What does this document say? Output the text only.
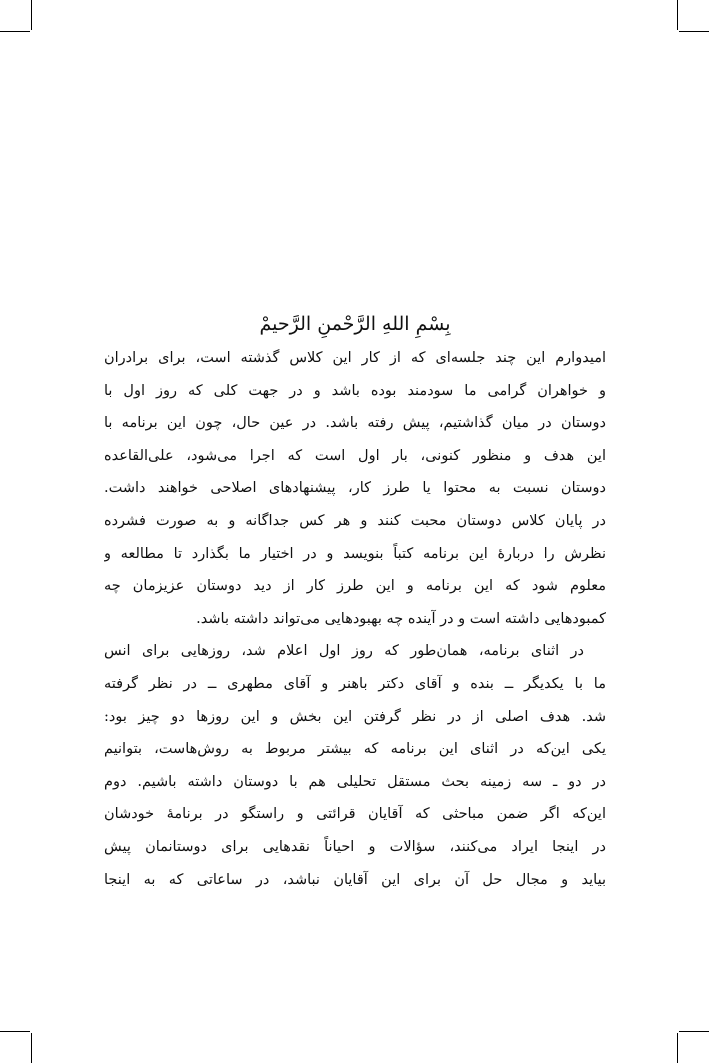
بِسْمِ اللهِ الرَّحْمنِ الرَّحيمْ
امیدوارم این چند جلسه‌ای که از کار این کلاس گذشته است، برای برادران
و خواهران گرامی ما سودمند بوده باشد و در جهت کلی که روز اول با
دوستان در میان گذاشتیم، پیش رفته باشد. در عین حال، چون این برنامه با
این هدف و منظور کنونی، بار اول است که اجرا می‌شود، علی‌القاعده
دوستان نسبت به محتوا یا طرز کار، پیشنهادهای اصلاحی خواهند داشت.
در پایان کلاس دوستان محبت کنند و هر کس جداگانه و به صورت فشرده
نظرش را دربارهٔ این برنامه کتباً بنویسد و در اختیار ما بگذارد تا مطالعه و
معلوم شود که این برنامه و این طرز کار از دید دوستان عزیزمان چه
کمبودهایی داشته است و در آینده چه بهبودهایی می‌تواند داشته باشد.
در اثنای برنامه، همان‌طور که روز اول اعلام شد، روزهایی برای انس
ما با یکدیگر ــ بنده و آقای دکتر باهنر و آقای مطهری ــ در نظر گرفته
شد. هدف اصلی از در نظر گرفتن این بخش و این روزها دو چیز بود:
یکی این‌که در اثنای این برنامه که بیشتر مربوط به روش‌هاست، بتوانیم
در دو ـ سه زمینه بحث مستقل تحلیلی هم با دوستان داشته باشیم. دوم
این‌که اگر ضمن مباحثی که آقایان قرائتی و راستگو در برنامهٔ خودشان
در اینجا ایراد می‌کنند، سؤالات و احیاناً نقدهایی برای دوستانمان پیش
بیاید و مجال حل آن برای این آقایان نباشد، در ساعاتی که به اینجا
